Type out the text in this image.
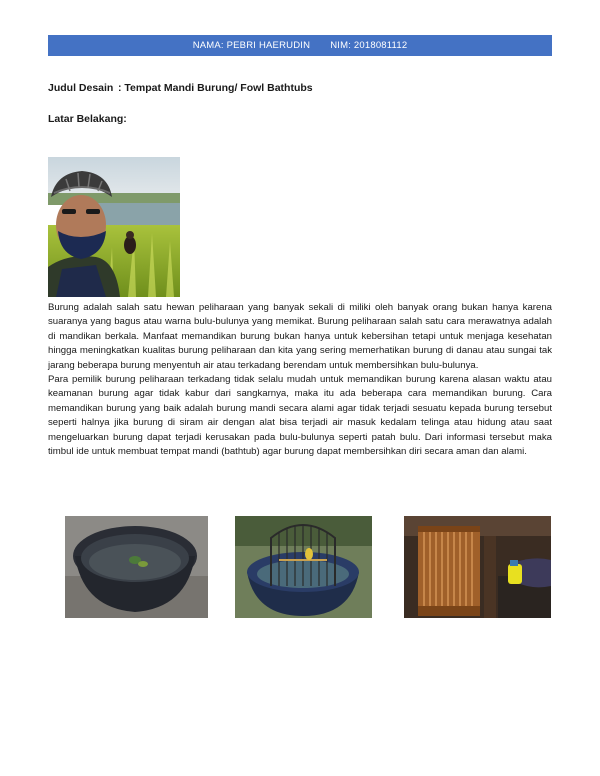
NAMA: PEBRI HAERUDIN NIM: 2018081112
Judul Desain : Tempat Mandi Burung/ Fowl Bathtubs
Latar Belakang:

Burung adalah salah satu hewan peliharaan yang banyak sekali di miliki oleh banyak orang bukan hanya karena suaranya yang bagus atau warna bulu-bulunya yang memikat. Burung peliharaan salah satu cara merawatnya adalah di mandikan berkala. Manfaat memandikan burung bukan hanya untuk kebersihan tetapi untuk menjaga kesehatan hingga meningkatkan kualitas burung peliharaan dan kita yang sering memerhatikan burung di danau atau sungai tak jarang beberapa burung menyentuh air atau terkadang berendam untuk membersihkan bulu-bulunya.

Para pemilik burung peliharaan terkadang tidak selalu mudah untuk memandikan burung karena alasan waktu atau keamanan burung agar tidak kabur dari sangkarnya, maka itu ada beberapa cara memandikan burung. Cara memandikan burung yang baik adalah burung mandi secara alami agar tidak terjadi sesuatu kepada burung tersebut seperti halnya jika burung di siram air dengan alat bisa terjadi air masuk kedalam telinga atau hidung atau saat mengeluarkan burung dapat terjadi kerusakan pada bulu-bulunya seperti patah bulu. Dari informasi tersebut maka timbul ide untuk membuat tempat mandi (bathtub) agar burung dapat membersihkan diri secara aman dan alami.
